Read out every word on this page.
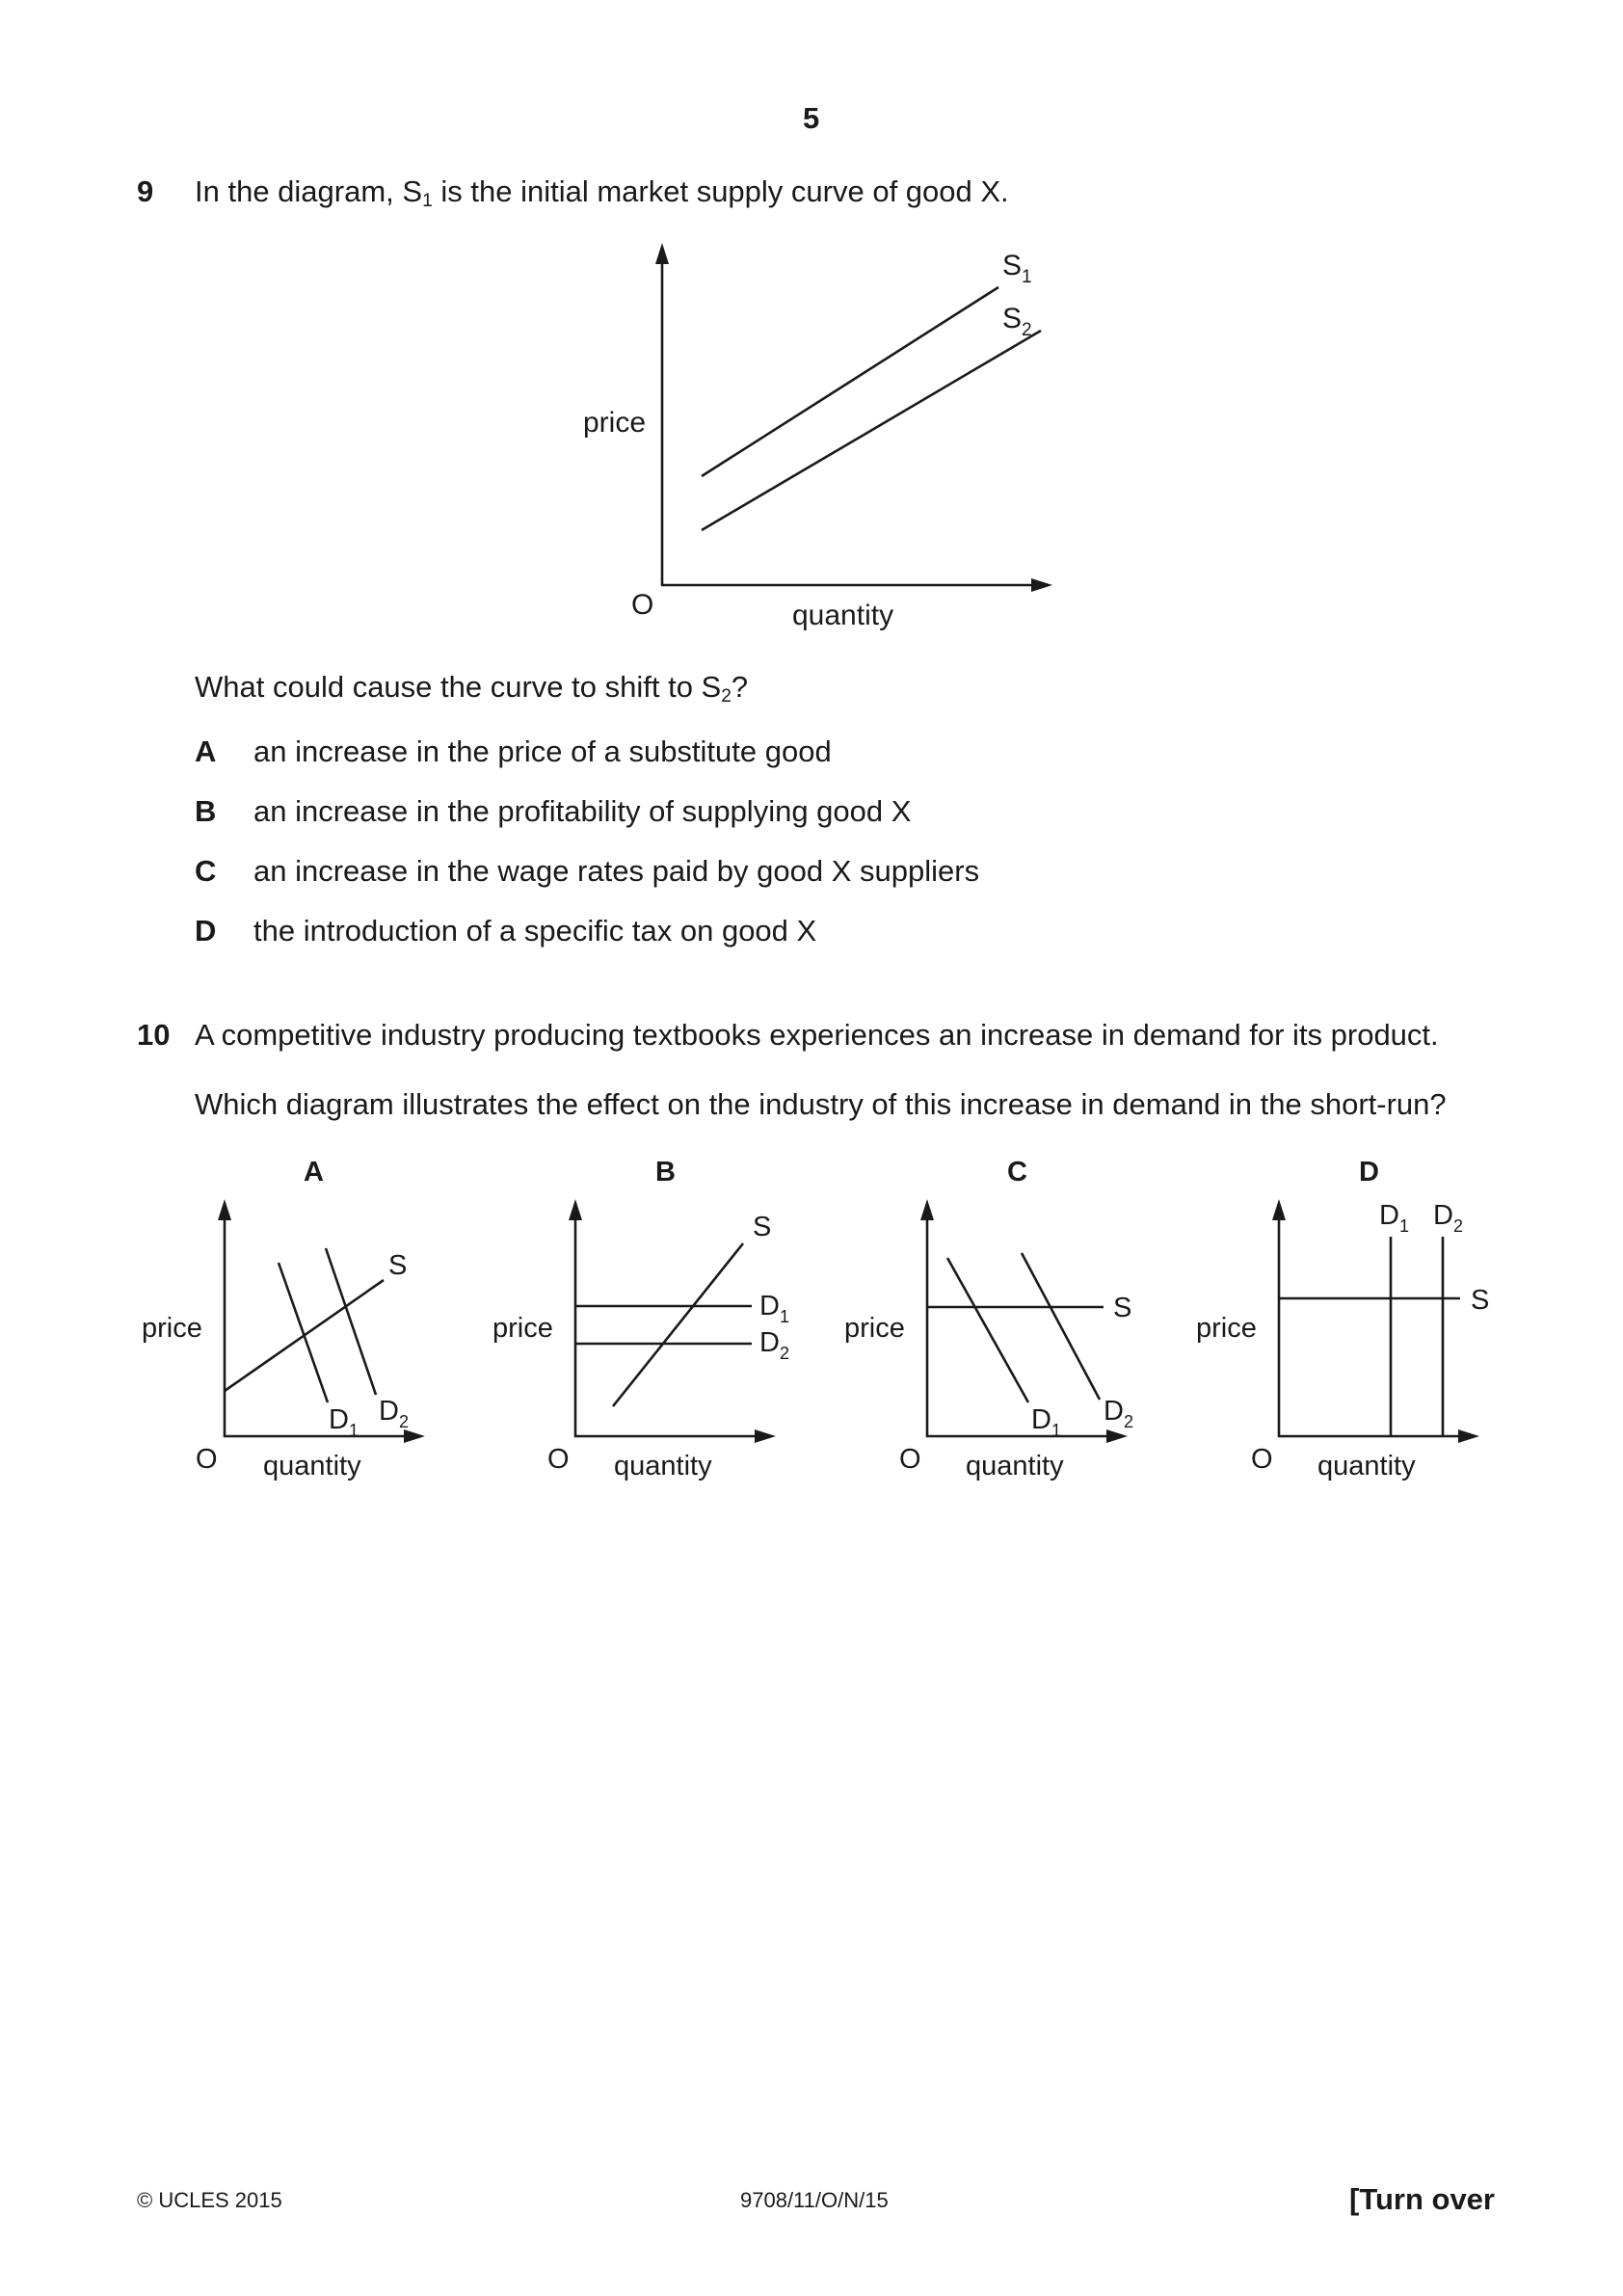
5
9 In the diagram, $S_1$ is the initial market supply curve of good X.
price
O	quantity
$S_1$
$S_2$
What could cause the curve to shift to $S_2$?
A an increase in the price of a substitute good
B an increase in the profitability of supplying good X
C an increase in the wage rates paid by good X suppliers
D the introduction of a specific tax on good X
10 A competitive industry producing textbooks experiences an increase in demand for its product.
Which diagram illustrates the effect on the industry of this increase in demand in the short-run?
A
price
O quantity
S
$D_1$
$D_2$
B
price
O quantity
S
$D_1$
$D_2$
C
price
O quantity
S
$D_1$
$D_2$
D
price
O quantity
S
$D_1$ $D_2$
© UCLES 2015	9708/11/O/N/15	[Turn over
